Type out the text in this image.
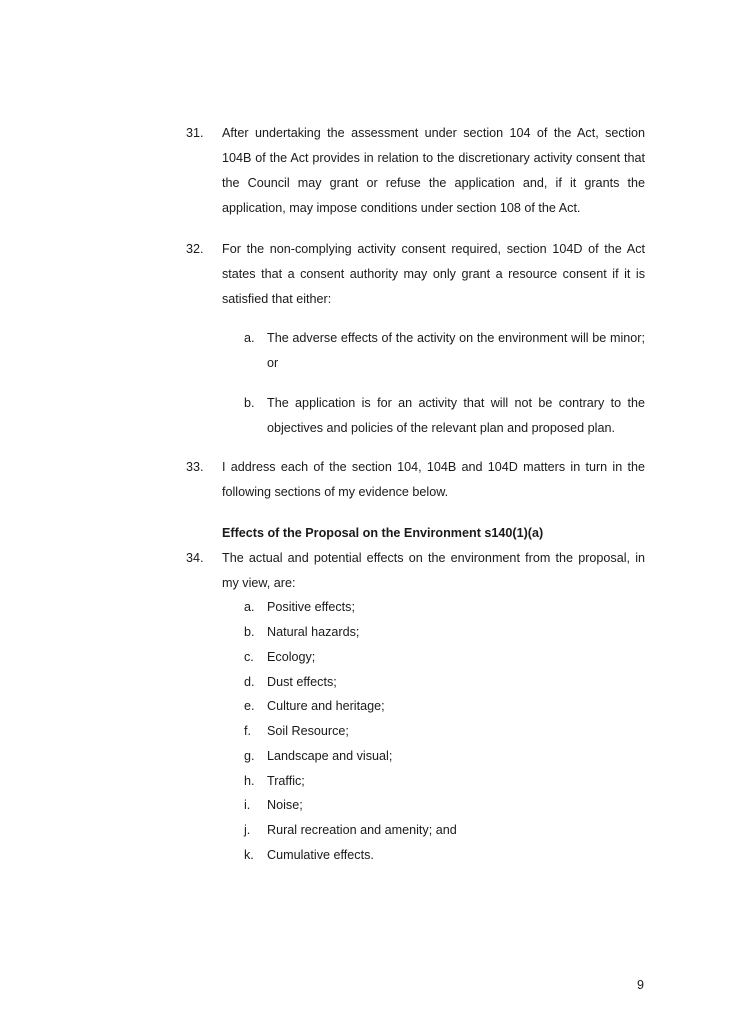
31. After undertaking the assessment under section 104 of the Act, section 104B of the Act provides in relation to the discretionary activity consent that the Council may grant or refuse the application and, if it grants the application, may impose conditions under section 108 of the Act.
32. For the non-complying activity consent required, section 104D of the Act states that a consent authority may only grant a resource consent if it is satisfied that either:
a. The adverse effects of the activity on the environment will be minor; or
b. The application is for an activity that will not be contrary to the objectives and policies of the relevant plan and proposed plan.
33. I address each of the section 104, 104B and 104D matters in turn in the following sections of my evidence below.
Effects of the Proposal on the Environment s140(1)(a)
34. The actual and potential effects on the environment from the proposal, in my view, are:
a. Positive effects;
b. Natural hazards;
c. Ecology;
d. Dust effects;
e. Culture and heritage;
f. Soil Resource;
g. Landscape and visual;
h. Traffic;
i. Noise;
j. Rural recreation and amenity; and
k. Cumulative effects.
9
